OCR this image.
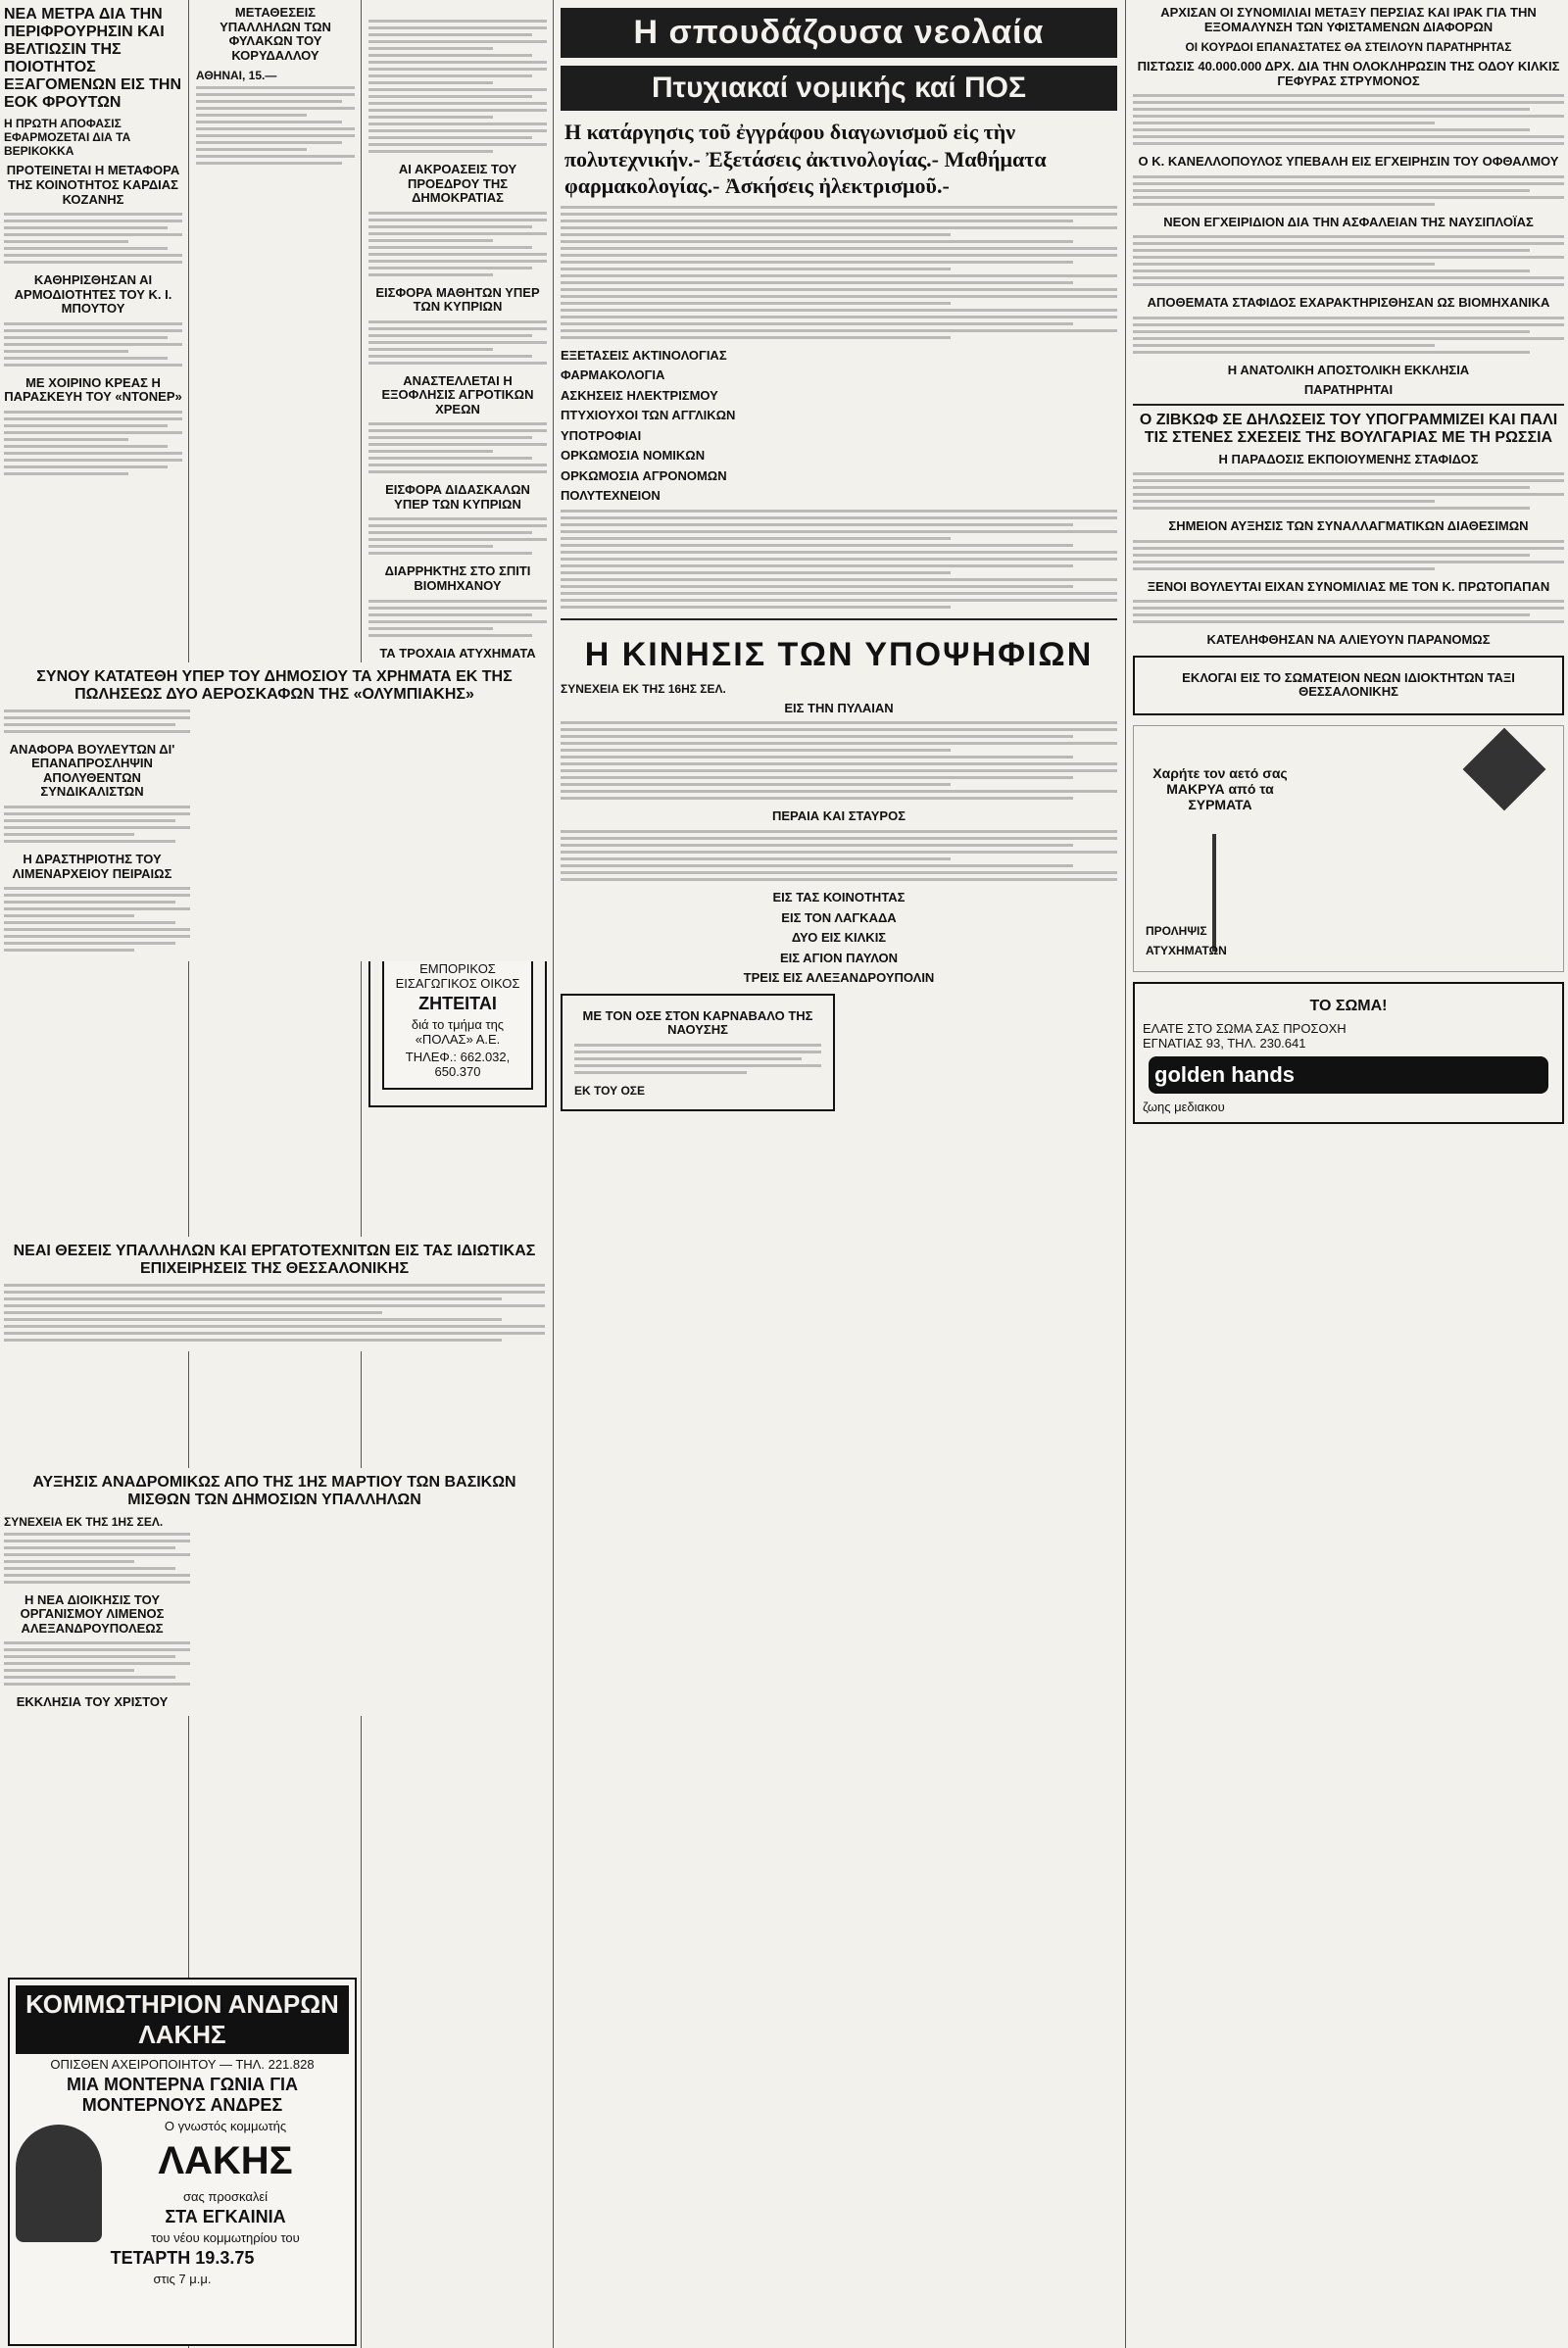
ΝΕΑ ΜΕΤΡΑ ΔΙΑ ΤΗΝ ΠΕΡΙΦΡΟΥΡΗΣΙΝ ΚΑΙ ΒΕΛΤΙΩΣΙΝ ΤΗΣ ΠΟΙΟΤΗΤΟΣ ΕΞΑΓΟΜΕΝΩΝ ΕΙΣ ΤΗΝ ΕΟΚ ΦΡΟΥΤΩΝ
Η ΠΡΩΤΗ ΑΠΟΦΑΣΙΣ ΕΦΑΡΜΟΖΕΤΑΙ ΔΙΑ ΤΑ ΒΕΡΙΚΟΚΚΑ
ΠΡΟΤΕΙΝΕΤΑΙ Η ΜΕΤΑΦΟΡΑ ΤΗΣ ΚΟΙΝΟΤΗΤΟΣ ΚΑΡΔΙΑΣ ΚΟΖΑΝΗΣ
ΚΑΘΗΡΙΣΘΗΣΑΝ ΑΙ ΑΡΜΟΔΙΟΤΗΤΕΣ ΤΟΥ Κ. Ι. ΜΠΟΥΤΟΥ
ΜΕ ΧΟΙΡΙΝΟ ΚΡΕΑΣ Η ΠΑΡΑΣΚΕΥΗ ΤΟΥ «ΝΤΟΝΕΡ»
ΜΕΤΑΘΕΣΕΙΣ ΥΠΑΛΛΗΛΩΝ ΤΩΝ ΦΥΛΑΚΩΝ ΤΟΥ ΚΟΡΥΔΑΛΛΟΥ
ΑΘΗΝΑΙ, 15.—
ΑΙ ΑΚΡΟΑΣΕΙΣ ΤΟΥ ΠΡΟΕΔΡΟΥ ΤΗΣ ΔΗΜΟΚΡΑΤΙΑΣ
ΕΙΣΦΟΡΑ ΜΑΘΗΤΩΝ ΥΠΕΡ ΤΩΝ ΚΥΠΡΙΩΝ
ΑΝΑΣΤΕΛΛΕΤΑΙ Η ΕΞΟΦΛΗΣΙΣ ΑΓΡΟΤΙΚΩΝ ΧΡΕΩΝ
ΕΙΣΦΟΡΑ ΔΙΔΑΣΚΑΛΩΝ ΥΠΕΡ ΤΩΝ ΚΥΠΡΙΩΝ
ΔΙΑΡΡΗΚΤΗΣ ΣΤΟ ΣΠΙΤΙ ΒΙΟΜΗΧΑΝΟΥ
ΤΑ ΤΡΟΧΑΙΑ ΑΤΥΧΗΜΑΤΑ
ΕΜΠΟΡΙΚΟΣ ΕΙΣΑΓΩΓΙΚΟΣ ΟΙΚΟΣ
ΖΗΤΕΙΤΑΙ
διά το τμήμα της «ΠΟΛΑΣ» Α.Ε.
ΤΗΛΕΦ.: 662.032, 650.370
Η σπουδάζουσα νεολαία
Πτυχιακαί νομικής καί ΠΟΣ
Η κατάργησις τοῦ ἐγγράφου διαγωνισμοῦ εἰς τὴν πολυτεχνικήν.- Ἐξετάσεις ἀκτινολογίας.- Μαθήματα φαρμακολογίας.- Ἀσκήσεις ἠλεκτρισμοῦ.-
ΕΞΕΤΑΣΕΙΣ ΑΚΤΙΝΟΛΟΓΙΑΣ
ΦΑΡΜΑΚΟΛΟΓΙΑ
ΑΣΚΗΣΕΙΣ ΗΛΕΚΤΡΙΣΜΟΥ
ΠΤΥΧΙΟΥΧΟΙ ΤΩΝ ΑΓΓΛΙΚΩΝ
ΥΠΟΤΡΟΦΙΑΙ
ΟΡΚΩΜΟΣΙΑ ΝΟΜΙΚΩΝ
ΟΡΚΩΜΟΣΙΑ ΑΓΡΟΝΟΜΩΝ
ΠΟΛΥΤΕΧΝΕΙΟΝ
Η ΚΙΝΗΣΙΣ ΤΩΝ ΥΠΟΨΗΦΙΩΝ
ΣΥΝΕΧΕΙΑ ΕΚ ΤΗΣ 16ΗΣ ΣΕΛ.
ΕΙΣ ΤΗΝ ΠΥΛΑΙΑΝ
ΠΕΡΑΙΑ ΚΑΙ ΣΤΑΥΡΟΣ
ΕΙΣ ΤΑΣ ΚΟΙΝΟΤΗΤΑΣ
ΕΙΣ ΤΟΝ ΛΑΓΚΑΔΑ
ΔΥΟ ΕΙΣ ΚΙΛΚΙΣ
ΕΙΣ ΑΓΙΟΝ ΠΑΥΛΟΝ
ΤΡΕΙΣ ΕΙΣ ΑΛΕΞΑΝΔΡΟΥΠΟΛΙΝ
ΜΕ ΤΟΝ ΟΣΕ ΣΤΟΝ ΚΑΡΝΑΒΑΛΟ ΤΗΣ ΝΑΟΥΣΗΣ
ΕΚ ΤΟΥ ΟΣΕ
ΑΡΧΙΣΑΝ ΟΙ ΣΥΝΟΜΙΛΙΑΙ ΜΕΤΑΞΥ ΠΕΡΣΙΑΣ ΚΑΙ ΙΡΑΚ ΓΙΑ ΤΗΝ ΕΞΟΜΑΛΥΝΣΗ ΤΩΝ ΥΦΙΣΤΑΜΕΝΩΝ ΔΙΑΦΟΡΩΝ
ΟΙ ΚΟΥΡΔΟΙ ΕΠΑΝΑΣΤΑΤΕΣ ΘΑ ΣΤΕΙΛΟΥΝ ΠΑΡΑΤΗΡΗΤΑΣ
ΠΙΣΤΩΣΙΣ 40.000.000 ΔΡΧ. ΔΙΑ ΤΗΝ ΟΛΟΚΛΗΡΩΣΙΝ ΤΗΣ ΟΔΟΥ ΚΙΛΚΙΣ ΓΕΦΥΡΑΣ ΣΤΡΥΜΟΝΟΣ
Ο Κ. ΚΑΝΕΛΛΟΠΟΥΛΟΣ ΥΠΕΒΑΛΗ ΕΙΣ ΕΓΧΕΙΡΗΣΙΝ ΤΟΥ ΟΦΘΑΛΜΟΥ
ΝΕΟΝ ΕΓΧΕΙΡΙΔΙΟΝ ΔΙΑ ΤΗΝ ΑΣΦΑΛΕΙΑΝ ΤΗΣ ΝΑΥΣΙΠΛΟΪΑΣ
ΑΠΟΘΕΜΑΤΑ ΣΤΑΦΙΔΟΣ ΕΧΑΡΑΚΤΗΡΙΣΘΗΣΑΝ ΩΣ ΒΙΟΜΗΧΑΝΙΚΑ
Η ΑΝΑΤΟΛΙΚΗ ΑΠΟΣΤΟΛΙΚΗ ΕΚΚΛΗΣΙΑ
ΠΑΡΑΤΗΡΗΤΑΙ
Ο ΖΙΒΚΩΦ ΣΕ ΔΗΛΩΣΕΙΣ ΤΟΥ ΥΠΟΓΡΑΜΜΙΖΕΙ ΚΑΙ ΠΑΛΙ ΤΙΣ ΣΤΕΝΕΣ ΣΧΕΣΕΙΣ ΤΗΣ ΒΟΥΛΓΑΡΙΑΣ ΜΕ ΤΗ ΡΩΣΣΙΑ
Η ΠΑΡΑΔΟΣΙΣ ΕΚΠΟΙΟΥΜΕΝΗΣ ΣΤΑΦΙΔΟΣ
ΣΗΜΕΙΟΝ ΑΥΞΗΣΙΣ ΤΩΝ ΣΥΝΑΛΛΑΓΜΑΤΙΚΩΝ ΔΙΑΘΕΣΙΜΩΝ
ΞΕΝΟΙ ΒΟΥΛΕΥΤΑΙ ΕΙΧΑΝ ΣΥΝΟΜΙΛΙΑΣ ΜΕ ΤΟΝ Κ. ΠΡΩΤΟΠΑΠΑΝ
ΚΑΤΕΛΗΦΘΗΣΑΝ ΝΑ ΑΛΙΕΥΟΥΝ ΠΑΡΑΝΟΜΩΣ
ΕΚΛΟΓΑΙ ΕΙΣ ΤΟ ΣΩΜΑΤΕΙΟΝ ΝΕΩΝ ΙΔΙΟΚΤΗΤΩΝ ΤΑΞΙ ΘΕΣΣΑΛΟΝΙΚΗΣ
Χαρήτε τον αετό σας ΜΑΚΡΥΑ από τα ΣΥΡΜΑΤΑ
ΠΡΟΛΗΨΙΣ
ΑΤΥΧΗΜΑΤΩΝ
ΤΟ ΣΩΜΑ!
ΕΛΑΤΕ ΣΤΟ ΣΩΜΑ ΣΑΣ ΠΡΟΣΟΧΗ
ΕΓΝΑΤΙΑΣ 93, ΤΗΛ. 230.641
golden hands
ζωης μεδιακου
ΣΥΝΟΥ ΚΑΤΑΤΕΘΗ ΥΠΕΡ ΤΟΥ ΔΗΜΟΣΙΟΥ ΤΑ ΧΡΗΜΑΤΑ ΕΚ ΤΗΣ ΠΩΛΗΣΕΩΣ ΔΥΟ ΑΕΡΟΣΚΑΦΩΝ ΤΗΣ «ΟΛΥΜΠΙΑΚΗΣ»
ΑΝΑΦΟΡΑ ΒΟΥΛΕΥΤΩΝ ΔΙ' ΕΠΑΝΑΠΡΟΣΛΗΨΙΝ ΑΠΟΛΥΘΕΝΤΩΝ ΣΥΝΔΙΚΑΛΙΣΤΩΝ
Η ΔΡΑΣΤΗΡΙΟΤΗΣ ΤΟΥ ΛΙΜΕΝΑΡΧΕΙΟΥ ΠΕΙΡΑΙΩΣ
ΝΕΑΙ ΘΕΣΕΙΣ ΥΠΑΛΛΗΛΩΝ ΚΑΙ ΕΡΓΑΤΟΤΕΧΝΙΤΩΝ ΕΙΣ ΤΑΣ ΙΔΙΩΤΙΚΑΣ ΕΠΙΧΕΙΡΗΣΕΙΣ ΤΗΣ ΘΕΣΣΑΛΟΝΙΚΗΣ
ΑΥΞΗΣΙΣ ΑΝΑΔΡΟΜΙΚΩΣ ΑΠΟ ΤΗΣ 1ΗΣ ΜΑΡΤΙΟΥ ΤΩΝ ΒΑΣΙΚΩΝ ΜΙΣΘΩΝ ΤΩΝ ΔΗΜΟΣΙΩΝ ΥΠΑΛΛΗΛΩΝ
ΣΥΝΕΧΕΙΑ ΕΚ ΤΗΣ 1ΗΣ ΣΕΛ.
Η ΝΕΑ ΔΙΟΙΚΗΣΙΣ ΤΟΥ ΟΡΓΑΝΙΣΜΟΥ ΛΙΜΕΝΟΣ ΑΛΕΞΑΝΔΡΟΥΠΟΛΕΩΣ
ΕΚΚΛΗΣΙΑ ΤΟΥ ΧΡΙΣΤΟΥ
ΚΟΜΜΩΤΗΡΙΟΝ ΑΝΔΡΩΝ ΛΑΚΗΣ
ΟΠΙΣΘΕΝ ΑΧΕΙΡΟΠΟΙΗΤΟΥ — ΤΗΛ. 221.828
ΜΙΑ ΜΟΝΤΕΡΝΑ ΓΩΝΙΑ ΓΙΑ ΜΟΝΤΕΡΝΟΥΣ ΑΝΔΡΕΣ
Ο γνωστός κομμωτής
ΛΑΚΗΣ
σας προσκαλεί
ΣΤΑ ΕΓΚΑΙΝΙΑ
του νέου κομμωτηρίου του
ΤΕΤΑΡΤΗ 19.3.75
στις 7 μ.μ.
